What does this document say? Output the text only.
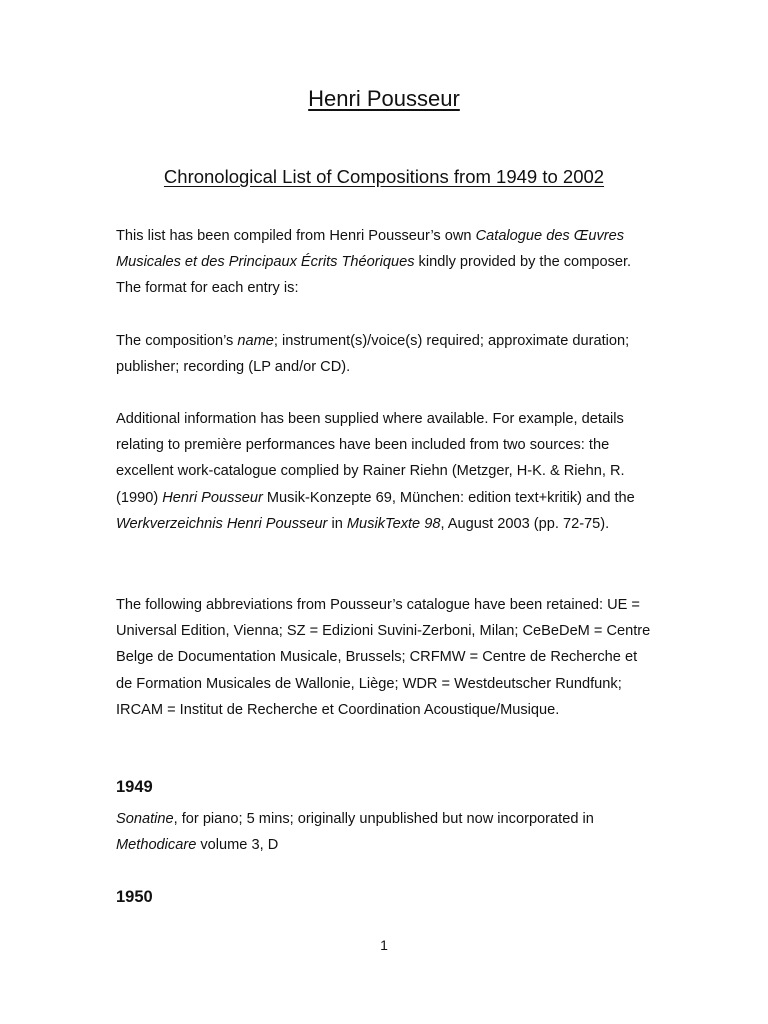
Henri Pousseur
Chronological List of Compositions from 1949 to 2002

This list has been compiled from Henri Pousseur’s own Catalogue des Œuvres Musicales et des Principaux Écrits Théoriques kindly provided by the composer. The format for each entry is:

The composition’s name; instrument(s)/voice(s) required; approximate duration; publisher; recording (LP and/or CD).

Additional information has been supplied where available. For example, details relating to première performances have been included from two sources: the excellent work-catalogue complied by Rainer Riehn (Metzger, H-K. & Riehn, R. (1990) Henri Pousseur Musik-Konzepte 69, München: edition text+kritik) and the Werkverzeichnis Henri Pousseur in MusikTexte 98, August 2003 (pp. 72-75).

The following abbreviations from Pousseur’s catalogue have been retained: UE = Universal Edition, Vienna; SZ = Edizioni Suvini-Zerboni, Milan; CeBeDeM = Centre Belge de Documentation Musicale, Brussels; CRFMW = Centre de Recherche et de Formation Musicales de Wallonie, Liège; WDR = Westdeutscher Rundfunk; IRCAM = Institut de Recherche et Coordination Acoustique/Musique.

1949

Sonatine, for piano; 5 mins; originally unpublished but now incorporated in Methodicare volume 3, D

1950
1
